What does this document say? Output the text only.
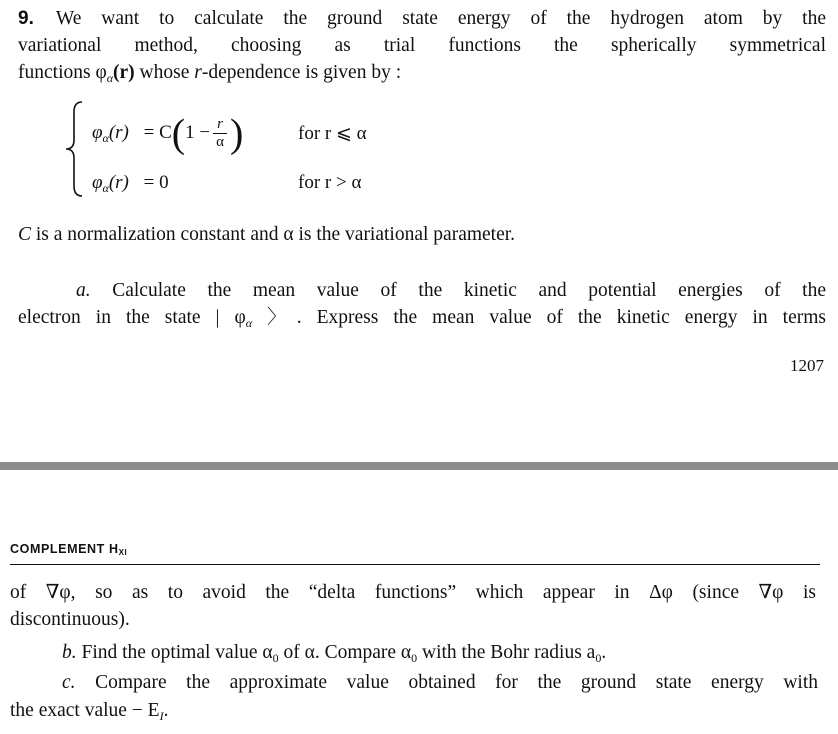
9. We want to calculate the ground state energy of the hydrogen atom by the
variational method, choosing as trial functions the spherically symmetrical
functions $\varphi_\alpha(r)$ whose r-dependence is given by :
$\varphi_\alpha(r) = C(1 - \frac{r}{\alpha}$ )	for r ⩽ α
$\varphi_\alpha(r) = 0$	for r > α
C is a normalization constant and α is the variational parameter.
a. Calculate the mean value of the kinetic and potential energies of the
electron in the state | $\varphi_\alpha$ 〉. Express the mean value of the kinetic energy in terms
1207
COMPLEMENT HXI
of ∇φ, so as to avoid the “delta functions” which appear in Δφ (since ∇φ is
discontinuous).
b. Find the optimal value $\alpha_0$ of α. Compare $\alpha_0$ with the Bohr radius $a_0$.
c. Compare the approximate value obtained for the ground state energy with
the exact value − $E_I$.
